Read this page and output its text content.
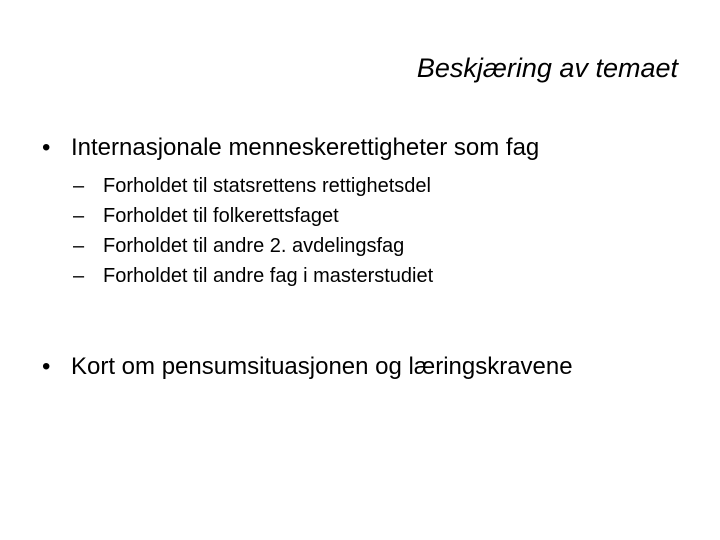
Beskjæring av temaet
• Internasjonale menneskerettigheter som fag
– Forholdet til statsrettens rettighetsdel
– Forholdet til folkerettsfaget
– Forholdet til andre 2. avdelingsfag
– Forholdet til andre fag i masterstudiet
• Kort om pensumsituasjonen og læringskravene
